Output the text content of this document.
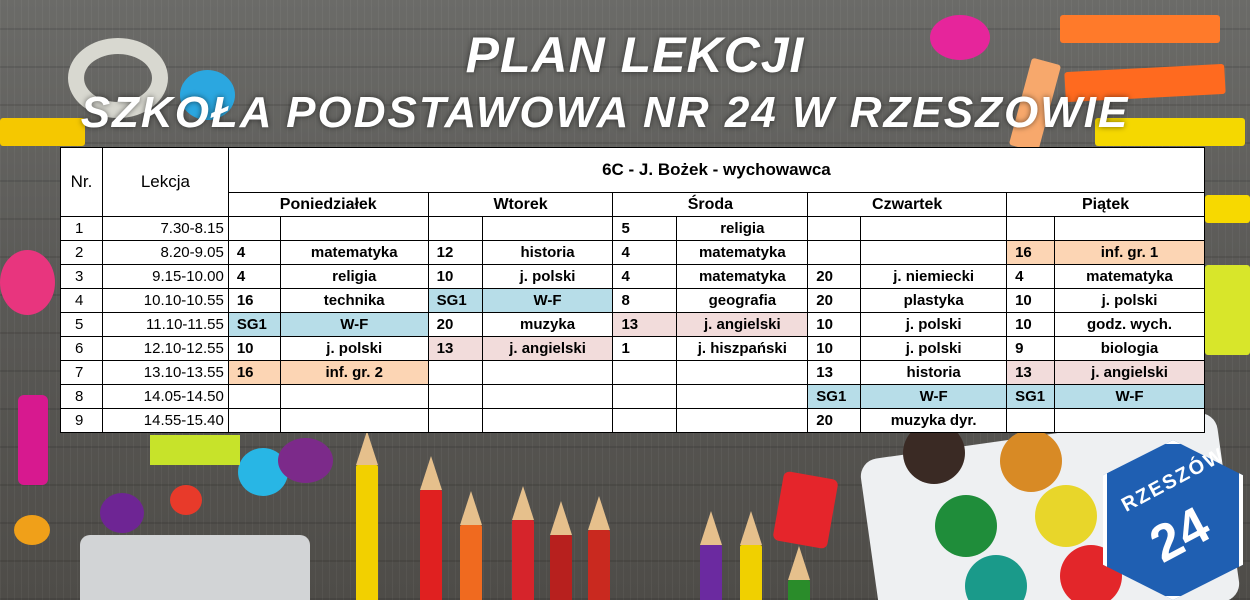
RZESZÓW
24
PLAN LEKCJI
SZKOŁA PODSTAWOWA NR 24 W RZESZOWIE
Nr.	Lekcja	6C - J. Bożek - wychowawca									
		Poniedziałek		Wtorek		Środa		Czwartek		Piątek	
1	7.30-8.15					5	religia				
2	8.20-9.05	4	matematyka	12	historia	4	matematyka			16	inf. gr. 1
3	9.15-10.00	4	religia	10	j. polski	4	matematyka	20	j. niemiecki	4	matematyka
4	10.10-10.55	16	technika	SG1	W-F	8	geografia	20	plastyka	10	j. polski
5	11.10-11.55	SG1	W-F	20	muzyka	13	j. angielski	10	j. polski	10	godz. wych.
6	12.10-12.55	10	j. polski	13	j. angielski	1	j. hiszpański	10	j. polski	9	biologia
7	13.10-13.55	16	inf. gr. 2					13	historia	13	j. angielski
8	14.05-14.50							SG1	W-F	SG1	W-F
9	14.55-15.40							20	muzyka dyr.		
